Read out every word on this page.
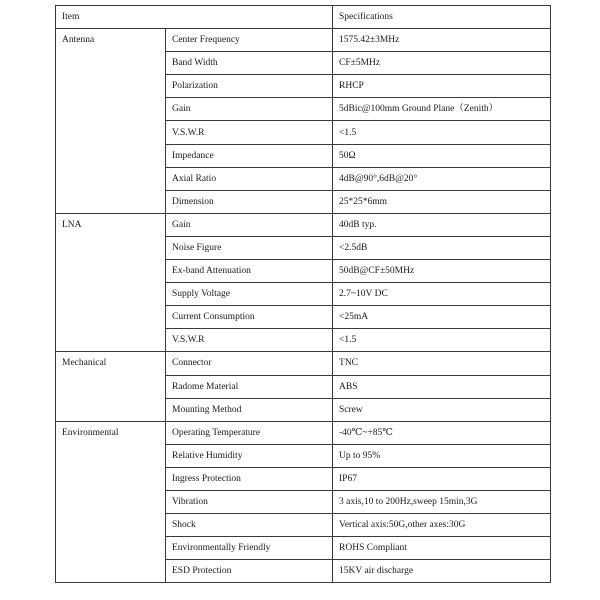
Item		Specifications
Antenna	Center Frequency	1575.42±3MHz
	Band Width	CF±5MHz
	Polarization	RHCP
	Gain	5dBic@100mm Ground Plane（Zenith）
	V.S.W.R	<1.5
	Impedance	50Ω
	Axial Ratio	4dB@90°,6dB@20°
	Dimension	25*25*6mm
LNA	Gain	40dB typ.
	Noise Figure	<2.5dB
	Ex-band Attenuation	50dB@CF±50MHz
	Supply Voltage	2.7~10V DC
	Current Consumption	<25mA
	V.S.W.R	<1.5
Mechanical	Connector	TNC
	Radome Material	ABS
	Mounting Method	Screw
Environmental	Operating Temperature	-40℃~+85℃
	Relative Humidity	Up to 95%
	Ingress Protection	IP67
	Vibration	3 axis,10 to 200Hz,sweep 15min,3G
	Shock	Vertical axis:50G,other axes:30G
	Environmentally Friendly	ROHS Compliant
	ESD Protection	15KV air discharge
